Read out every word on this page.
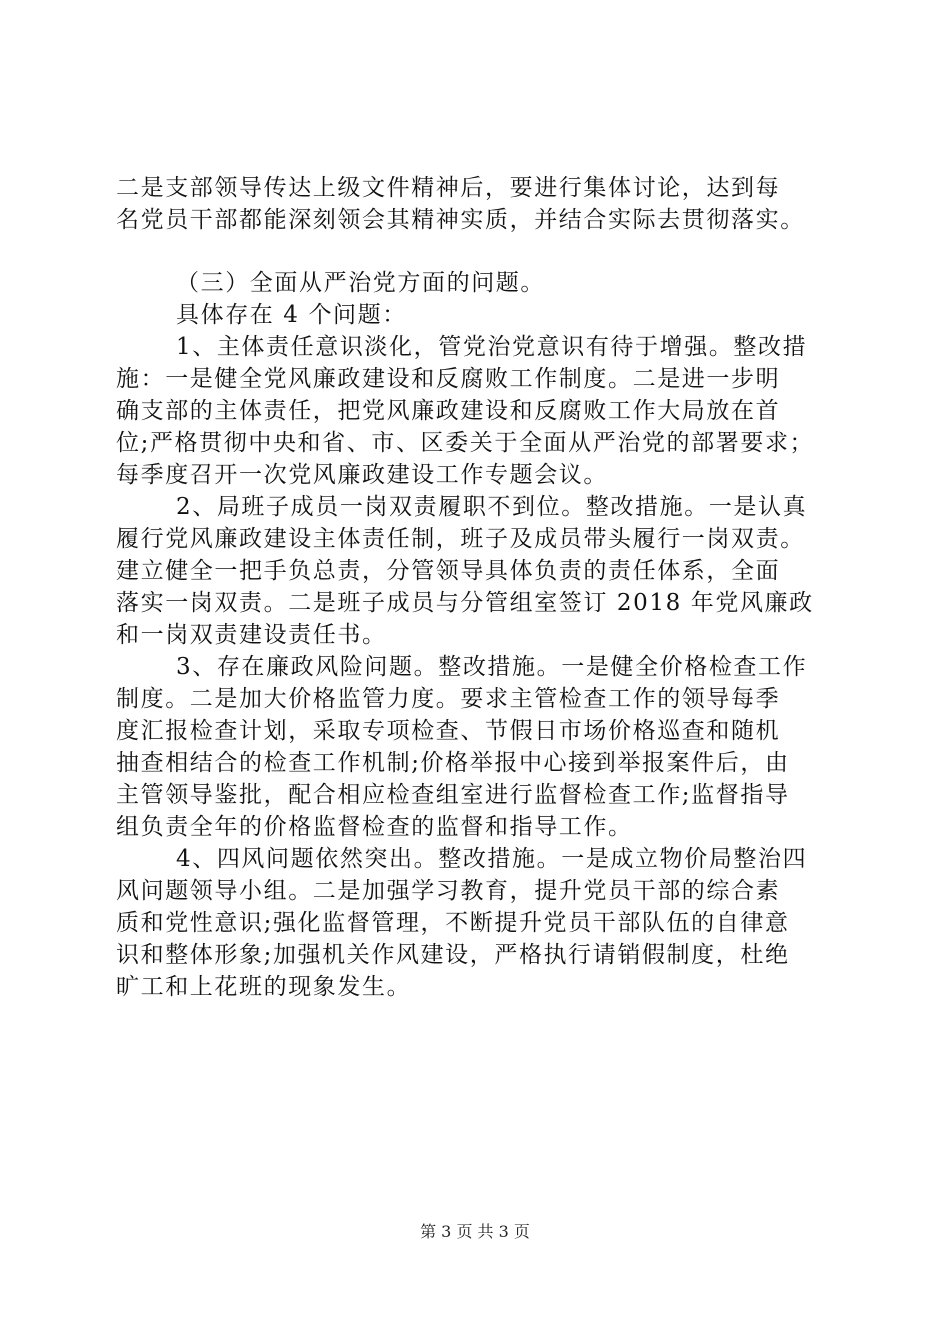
二是支部领导传达上级文件精神后，要进行集体讨论，达到每
名党员干部都能深刻领会其精神实质，并结合实际去贯彻落实。
（三）全面从严治党方面的问题。
具体存在 4 个问题：
1、主体责任意识淡化，管党治党意识有待于增强。整改措
施：一是健全党风廉政建设和反腐败工作制度。二是进一步明
确支部的主体责任，把党风廉政建设和反腐败工作大局放在首
位;严格贯彻中央和省、市、区委关于全面从严治党的部署要求；
每季度召开一次党风廉政建设工作专题会议。
2、局班子成员一岗双责履职不到位。整改措施。一是认真
履行党风廉政建设主体责任制，班子及成员带头履行一岗双责。
建立健全一把手负总责，分管领导具体负责的责任体系，全面
落实一岗双责。二是班子成员与分管组室签订 2018 年党风廉政
和一岗双责建设责任书。
3、存在廉政风险问题。整改措施。一是健全价格检查工作
制度。二是加大价格监管力度。要求主管检查工作的领导每季
度汇报检查计划，采取专项检查、节假日市场价格巡查和随机
抽查相结合的检查工作机制;价格举报中心接到举报案件后，由
主管领导鉴批，配合相应检查组室进行监督检查工作;监督指导
组负责全年的价格监督检查的监督和指导工作。
4、四风问题依然突出。整改措施。一是成立物价局整治四
风问题领导小组。二是加强学习教育，提升党员干部的综合素
质和党性意识;强化监督管理，不断提升党员干部队伍的自律意
识和整体形象;加强机关作风建设，严格执行请销假制度，杜绝
旷工和上花班的现象发生。
第 3 页 共 3 页
